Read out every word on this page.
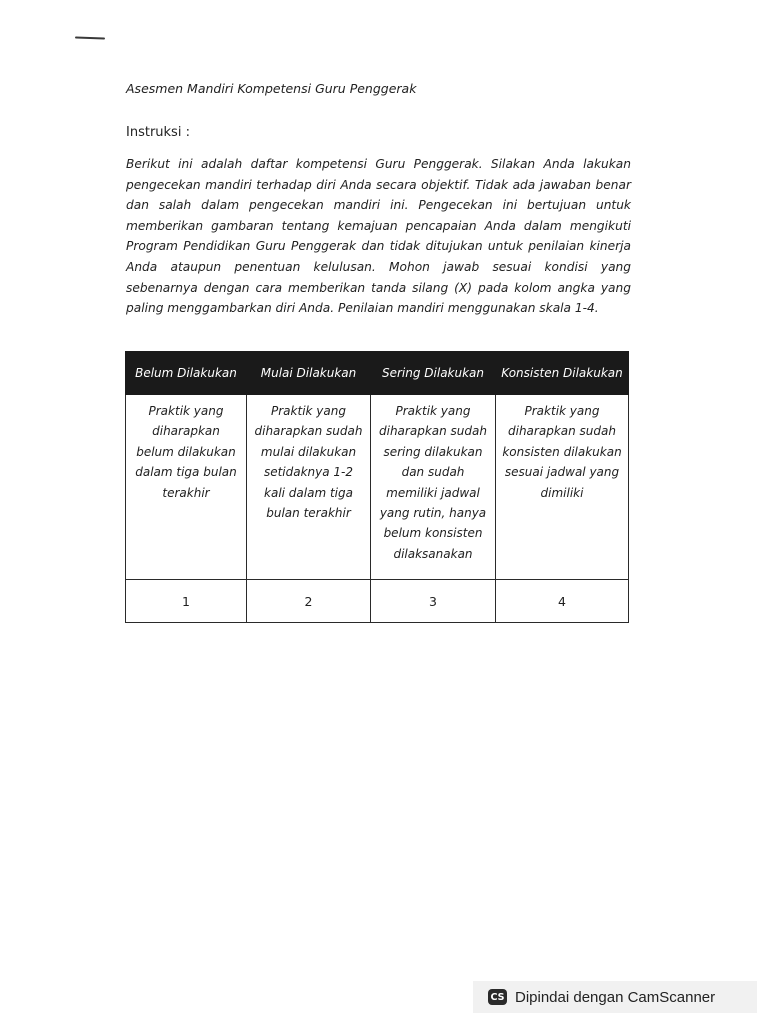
Asesmen Mandiri Kompetensi Guru Penggerak
Instruksi :
Berikut ini adalah daftar kompetensi Guru Penggerak. Silakan Anda lakukan pengecekan mandiri terhadap diri Anda secara objektif. Tidak ada jawaban benar dan salah dalam pengecekan mandiri ini. Pengecekan ini bertujuan untuk memberikan gambaran tentang kemajuan pencapaian Anda dalam mengikuti Program Pendidikan Guru Penggerak dan tidak ditujukan untuk penilaian kinerja Anda ataupun penentuan kelulusan. Mohon jawab sesuai kondisi yang sebenarnya dengan cara memberikan tanda silang (X) pada kolom angka yang paling menggambarkan diri Anda. Penilaian mandiri menggunakan skala 1-4.
Belum Dilakukan	Mulai Dilakukan	Sering Dilakukan	Konsisten Dilakukan
Praktik yang diharapkan belum dilakukan dalam tiga bulan terakhir	Praktik yang diharapkan sudah mulai dilakukan setidaknya 1-2 kali dalam tiga bulan terakhir	Praktik yang diharapkan sudah sering dilakukan dan sudah memiliki jadwal yang rutin, hanya belum konsisten dilaksanakan	Praktik yang diharapkan sudah konsisten dilakukan sesuai jadwal yang dimiliki
1	2	3	4
CS Dipindai dengan CamScanner
